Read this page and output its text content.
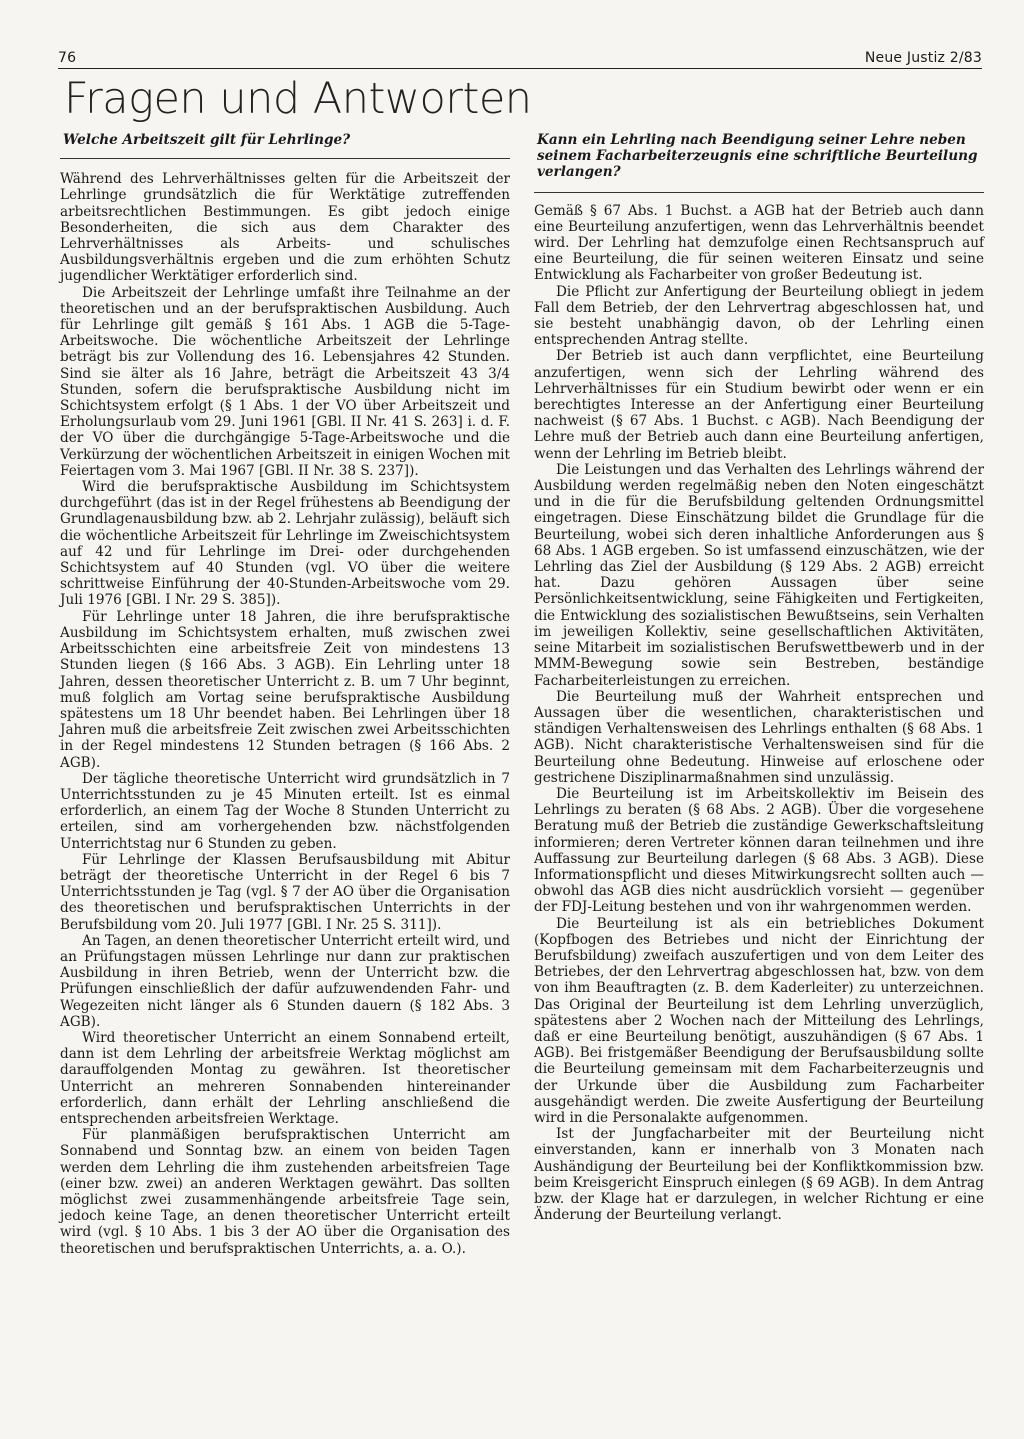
76	Neue Justiz 2/83
Fragen und Antworten
Welche Arbeitszeit gilt für Lehrlinge?

Während des Lehrverhältnisses gelten für die Arbeitszeit der Lehrlinge grundsätzlich die für Werktätige zutreffenden arbeitsrechtlichen Bestimmungen. Es gibt jedoch einige Besonderheiten, die sich aus dem Charakter des Lehrverhältnisses als Arbeits- und schulisches Ausbildungsverhältnis ergeben und die zum erhöhten Schutz jugendlicher Werktätiger erforderlich sind.

Die Arbeitszeit der Lehrlinge umfaßt ihre Teilnahme an der theoretischen und an der berufspraktischen Ausbildung. Auch für Lehrlinge gilt gemäß § 161 Abs. 1 AGB die 5-Tage-Arbeitswoche. Die wöchentliche Arbeitszeit der Lehrlinge beträgt bis zur Vollendung des 16. Lebensjahres 42 Stunden. Sind sie älter als 16 Jahre, beträgt die Arbeitszeit 43 3/4 Stunden, sofern die berufspraktische Ausbildung nicht im Schichtsystem erfolgt (§ 1 Abs. 1 der VO über Arbeitszeit und Erholungsurlaub vom 29. Juni 1961 [GBl. II Nr. 41 S. 263] i. d. F. der VO über die durchgängige 5-Tage-Arbeitswoche und die Verkürzung der wöchentlichen Arbeitszeit in einigen Wochen mit Feiertagen vom 3. Mai 1967 [GBl. II Nr. 38 S. 237]).

Wird die berufspraktische Ausbildung im Schichtsystem durchgeführt (das ist in der Regel frühestens ab Beendigung der Grundlagenausbildung bzw. ab 2. Lehrjahr zulässig), beläuft sich die wöchentliche Arbeitszeit für Lehrlinge im Zweischichtsystem auf 42 und für Lehrlinge im Drei- oder durchgehenden Schichtsystem auf 40 Stunden (vgl. VO über die weitere schrittweise Einführung der 40-Stunden-Arbeitswoche vom 29. Juli 1976 [GBl. I Nr. 29 S. 385]).

Für Lehrlinge unter 18 Jahren, die ihre berufspraktische Ausbildung im Schichtsystem erhalten, muß zwischen zwei Arbeitsschichten eine arbeitsfreie Zeit von mindestens 13 Stunden liegen (§ 166 Abs. 3 AGB). Ein Lehrling unter 18 Jahren, dessen theoretischer Unterricht z. B. um 7 Uhr beginnt, muß folglich am Vortag seine berufspraktische Ausbildung spätestens um 18 Uhr beendet haben. Bei Lehrlingen über 18 Jahren muß die arbeitsfreie Zeit zwischen zwei Arbeitsschichten in der Regel mindestens 12 Stunden betragen (§ 166 Abs. 2 AGB).

Der tägliche theoretische Unterricht wird grundsätzlich in 7 Unterrichtsstunden zu je 45 Minuten erteilt. Ist es einmal erforderlich, an einem Tag der Woche 8 Stunden Unterricht zu erteilen, sind am vorhergehenden bzw. nächstfolgenden Unterrichtstag nur 6 Stunden zu geben.

Für Lehrlinge der Klassen Berufsausbildung mit Abitur beträgt der theoretische Unterricht in der Regel 6 bis 7 Unterrichtsstunden je Tag (vgl. § 7 der AO über die Organisation des theoretischen und berufspraktischen Unterrichts in der Berufsbildung vom 20. Juli 1977 [GBl. I Nr. 25 S. 311]).

An Tagen, an denen theoretischer Unterricht erteilt wird, und an Prüfungstagen müssen Lehrlinge nur dann zur praktischen Ausbildung in ihren Betrieb, wenn der Unterricht bzw. die Prüfungen einschließlich der dafür aufzuwendenden Fahr- und Wegezeiten nicht länger als 6 Stunden dauern (§ 182 Abs. 3 AGB).

Wird theoretischer Unterricht an einem Sonnabend erteilt, dann ist dem Lehrling der arbeitsfreie Werktag möglichst am darauffolgenden Montag zu gewähren. Ist theoretischer Unterricht an mehreren Sonnabenden hintereinander erforderlich, dann erhält der Lehrling anschließend die entsprechenden arbeitsfreien Werktage.

Für planmäßigen berufspraktischen Unterricht am Sonnabend und Sonntag bzw. an einem von beiden Tagen werden dem Lehrling die ihm zustehenden arbeitsfreien Tage (einer bzw. zwei) an anderen Werktagen gewährt. Das sollten möglichst zwei zusammenhängende arbeitsfreie Tage sein, jedoch keine Tage, an denen theoretischer Unterricht erteilt wird (vgl. § 10 Abs. 1 bis 3 der AO über die Organisation des theoretischen und berufspraktischen Unterrichts, a. a. O.).

Kann ein Lehrling nach Beendigung seiner Lehre neben seinem Facharbeiterzeugnis eine schriftliche Beurteilung verlangen?

Gemäß § 67 Abs. 1 Buchst. a AGB hat der Betrieb auch dann eine Beurteilung anzufertigen, wenn das Lehrverhältnis beendet wird. Der Lehrling hat demzufolge einen Rechtsanspruch auf eine Beurteilung, die für seinen weiteren Einsatz und seine Entwicklung als Facharbeiter von großer Bedeutung ist.

Die Pflicht zur Anfertigung der Beurteilung obliegt in jedem Fall dem Betrieb, der den Lehrvertrag abgeschlossen hat, und sie besteht unabhängig davon, ob der Lehrling einen entsprechenden Antrag stellte.

Der Betrieb ist auch dann verpflichtet, eine Beurteilung anzufertigen, wenn sich der Lehrling während des Lehrverhältnisses für ein Studium bewirbt oder wenn er ein berechtigtes Interesse an der Anfertigung einer Beurteilung nachweist (§ 67 Abs. 1 Buchst. c AGB). Nach Beendigung der Lehre muß der Betrieb auch dann eine Beurteilung anfertigen, wenn der Lehrling im Betrieb bleibt.

Die Leistungen und das Verhalten des Lehrlings während der Ausbildung werden regelmäßig neben den Noten eingeschätzt und in die für die Berufsbildung geltenden Ordnungsmittel eingetragen. Diese Einschätzung bildet die Grundlage für die Beurteilung, wobei sich deren inhaltliche Anforderungen aus § 68 Abs. 1 AGB ergeben. So ist umfassend einzuschätzen, wie der Lehrling das Ziel der Ausbildung (§ 129 Abs. 2 AGB) erreicht hat. Dazu gehören Aussagen über seine Persönlichkeitsentwicklung, seine Fähigkeiten und Fertigkeiten, die Entwicklung des sozialistischen Bewußtseins, sein Verhalten im jeweiligen Kollektiv, seine gesellschaftlichen Aktivitäten, seine Mitarbeit im sozialistischen Berufswettbewerb und in der MMM-Bewegung sowie sein Bestreben, beständige Facharbeiterleistungen zu erreichen.

Die Beurteilung muß der Wahrheit entsprechen und Aussagen über die wesentlichen, charakteristischen und ständigen Verhaltensweisen des Lehrlings enthalten (§ 68 Abs. 1 AGB). Nicht charakteristische Verhaltensweisen sind für die Beurteilung ohne Bedeutung. Hinweise auf erloschene oder gestrichene Disziplinarmaßnahmen sind unzulässig.

Die Beurteilung ist im Arbeitskollektiv im Beisein des Lehrlings zu beraten (§ 68 Abs. 2 AGB). Über die vorgesehene Beratung muß der Betrieb die zuständige Gewerkschaftsleitung informieren; deren Vertreter können daran teilnehmen und ihre Auffassung zur Beurteilung darlegen (§ 68 Abs. 3 AGB). Diese Informationspflicht und dieses Mitwirkungsrecht sollten auch — obwohl das AGB dies nicht ausdrücklich vorsieht — gegenüber der FDJ-Leitung bestehen und von ihr wahrgenommen werden.

Die Beurteilung ist als ein betriebliches Dokument (Kopfbogen des Betriebes und nicht der Einrichtung der Berufsbildung) zweifach auszufertigen und von dem Leiter des Betriebes, der den Lehrvertrag abgeschlossen hat, bzw. von dem von ihm Beauftragten (z. B. dem Kaderleiter) zu unterzeichnen. Das Original der Beurteilung ist dem Lehrling unverzüglich, spätestens aber 2 Wochen nach der Mitteilung des Lehrlings, daß er eine Beurteilung benötigt, auszuhändigen (§ 67 Abs. 1 AGB). Bei fristgemäßer Beendigung der Berufsausbildung sollte die Beurteilung gemeinsam mit dem Facharbeiterzeugnis und der Urkunde über die Ausbildung zum Facharbeiter ausgehändigt werden. Die zweite Ausfertigung der Beurteilung wird in die Personalakte aufgenommen.

Ist der Jungfacharbeiter mit der Beurteilung nicht einverstanden, kann er innerhalb von 3 Monaten nach Aushändigung der Beurteilung bei der Konfliktkommission bzw. beim Kreisgericht Einspruch einlegen (§ 69 AGB). In dem Antrag bzw. der Klage hat er darzulegen, in welcher Richtung er eine Änderung der Beurteilung verlangt.
